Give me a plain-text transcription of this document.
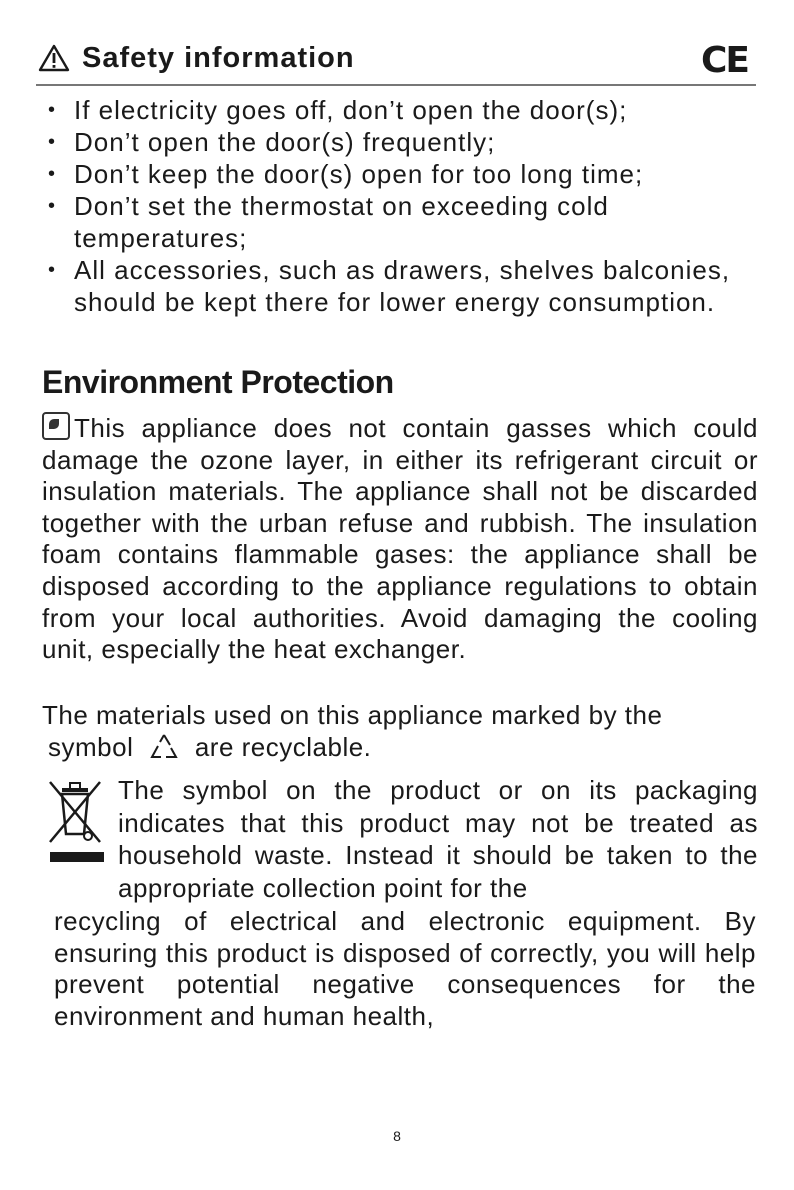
Safety information	CE
• If electricity goes off, don’t open the door(s);
• Don’t open the door(s) frequently;
• Don’t keep the door(s) open for too long time;
• Don’t set the thermostat on exceeding cold temperatures;
• All accessories, such as drawers, shelves balconies, should be kept there for lower energy consumption.
Environment Protection
This appliance does not contain gasses which could damage the ozone layer, in either its refrigerant circuit or insulation materials. The appliance shall not be discarded together with the urban refuse and rubbish. The insulation foam contains flammable gases: the appliance shall be disposed according to the appliance regulations to obtain from your local authorities. Avoid damaging the cooling unit, especially the heat exchanger.
The materials used on this appliance marked by the
symbol are recyclable.
The symbol on the product or on its packaging indicates that this product may not be treated as household waste. Instead it should be taken to the appropriate collection point for the
recycling of electrical and electronic equipment. By ensuring this product is disposed of correctly, you will help prevent potential negative consequences for the environment and human health,
8
